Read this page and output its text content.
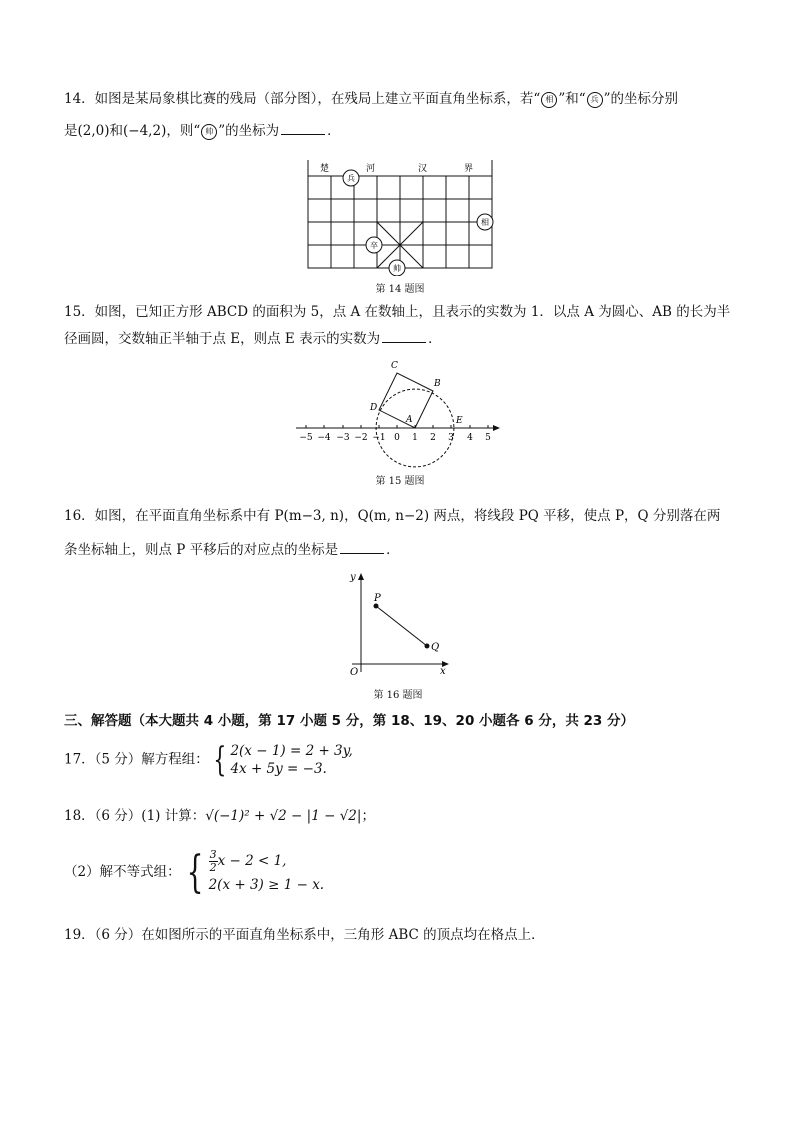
14．如图是某局象棋比赛的残局（部分图），在残局上建立平面直角坐标系，若“ 相 ”和“ 兵 ”的坐标分别
是(2,0)和(−4,2)，则“ 帅 ”的坐标为	．
楚	河	汉	界
兵
相
卒
帅
第 14 题图
15．如图，已知正方形 ABCD 的面积为 5，点 A 在数轴上，且表示的实数为 1．以点 A 为圆心、AB 的长为半
径画圆，交数轴正半轴于点 E，则点 E 表示的实数为	．
−5 −4 −3 −2 −1 0 1 2 3 4 5
A
B
C
D
E
第 15 题图
16．如图，在平面直角坐标系中有 P(m−3, n)，Q(m, n−2) 两点，将线段 PQ 平移，使点 P，Q 分别落在两
条坐标轴上，则点 P 平移后的对应点的坐标是	．
y
x
O
P
Q
第 16 题图
三、解答题（本大题共 4 小题，第 17 小题 5 分，第 18、19、20 小题各 6 分，共 23 分）
17．（5 分）解方程组： { 2(x − 1) = 2 + 3y,
4x + 5y = −3.
18．（6 分）(1) 计算：√(−1)² + √2 − |1 − √2|；
（2）解不等式组： { $\frac{3}{2}$ x − 2 < 1,
2(x + 3) ≥ 1 − x.
19．（6 分）在如图所示的平面直角坐标系中，三角形 ABC 的顶点均在格点上．
